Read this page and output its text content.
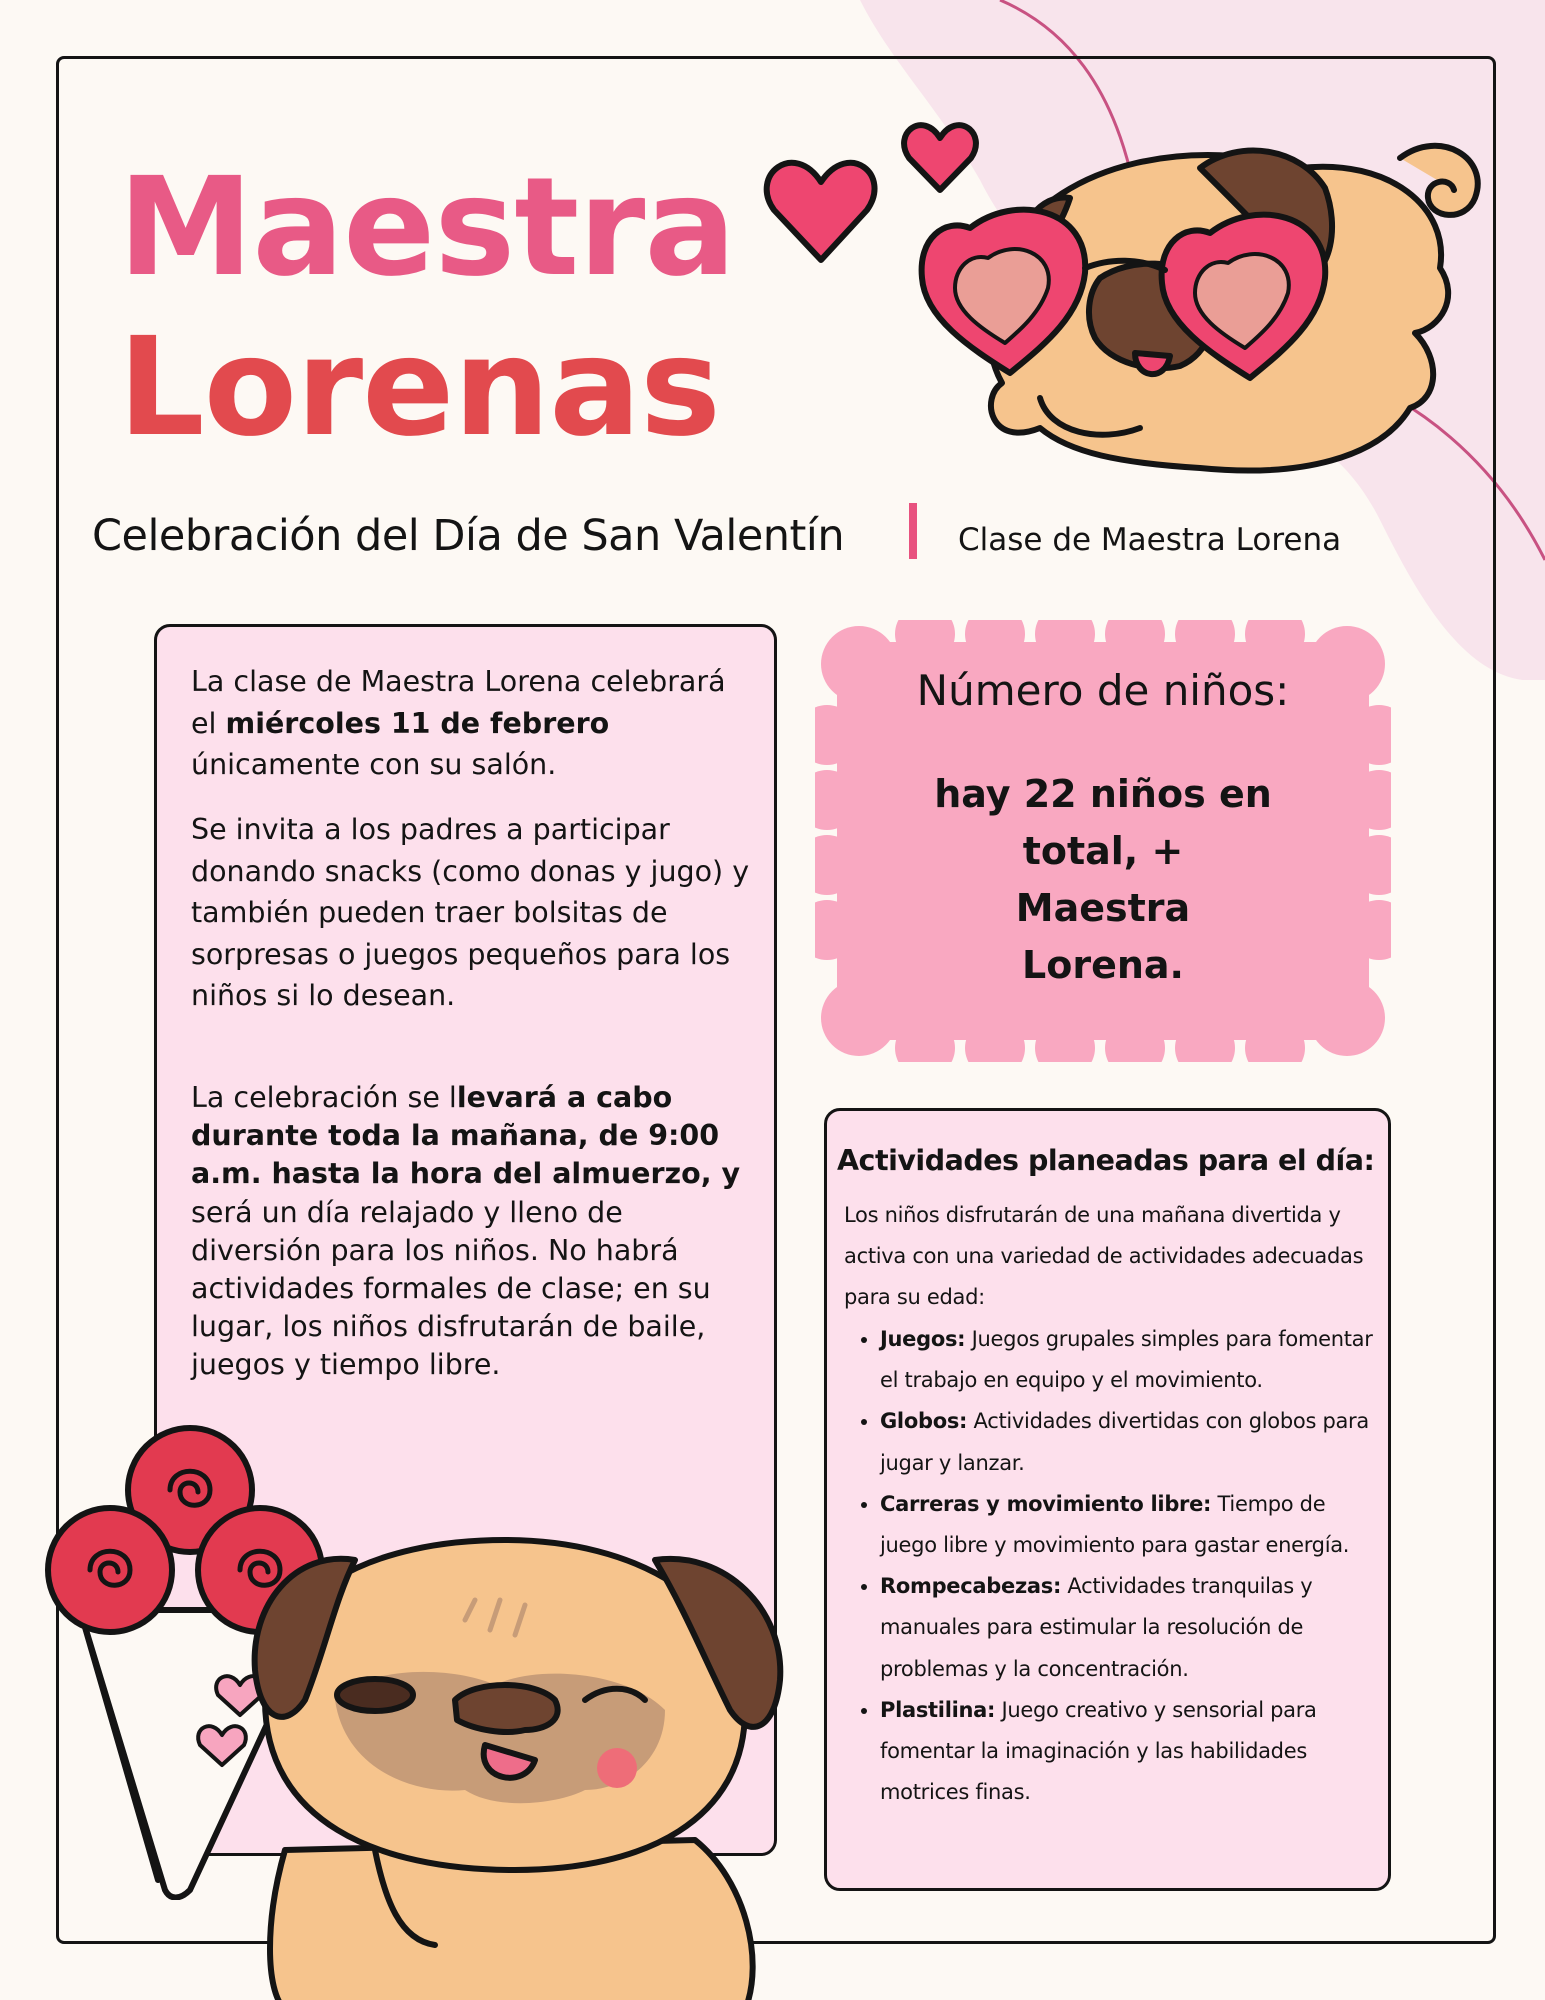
Maestra
Lorenas
Celebración del Día de San Valentín	Clase de Maestra Lorena

La clase de Maestra Lorena celebrará el miércoles 11 de febrero únicamente con su salón.

Se invita a los padres a participar donando snacks (como donas y jugo) y también pueden traer bolsitas de sorpresas o juegos pequeños para los niños si lo desean.

La celebración se llevará a cabo durante toda la mañana, de 9:00 a.m. hasta la hora del almuerzo, y será un día relajado y lleno de diversión para los niños. No habrá actividades formales de clase; en su lugar, los niños disfrutarán de baile, juegos y tiempo libre.

Número de niños:
hay 22 niños en total, + Maestra Lorena.
Actividades planeadas para el día:

Los niños disfrutarán de una mañana divertida y activa con una variedad de actividades adecuadas para su edad:

• Juegos: Juegos grupales simples para fomentar el trabajo en equipo y el movimiento.
• Globos: Actividades divertidas con globos para jugar y lanzar.
• Carreras y movimiento libre: Tiempo de juego libre y movimiento para gastar energía.
• Rompecabezas: Actividades tranquilas y manuales para estimular la resolución de problemas y la concentración.
• Plastilina: Juego creativo y sensorial para fomentar la imaginación y las habilidades motrices finas.
